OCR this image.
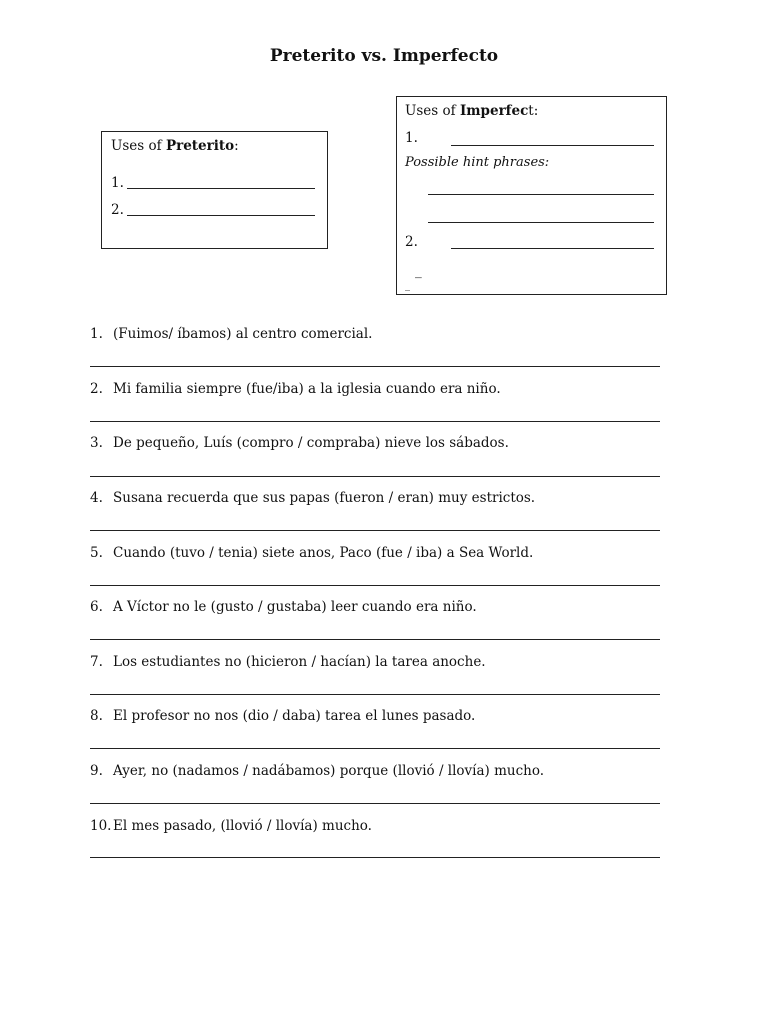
Preterito vs. Imperfecto
Uses of Preterito:
1.
2.
Uses of Imperfect:
1.
Possible hint phrases:
2.
_
_
1. (Fuimos/ íbamos) al centro comercial.
2. Mi familia siempre (fue/iba) a la iglesia cuando era niño.
3. De pequeño, Luís (compro / compraba) nieve los sábados.
4. Susana recuerda que sus papas (fueron / eran) muy estrictos.
5. Cuando (tuvo / tenia) siete anos, Paco (fue / iba) a Sea World.
6. A Víctor no le (gusto / gustaba) leer cuando era niño.
7. Los estudiantes no (hicieron / hacían) la tarea anoche.
8. El profesor no nos (dio / daba) tarea el lunes pasado.
9. Ayer, no (nadamos / nadábamos) porque (llovió / llovía) mucho.
10. El mes pasado, (llovió / llovía) mucho.
